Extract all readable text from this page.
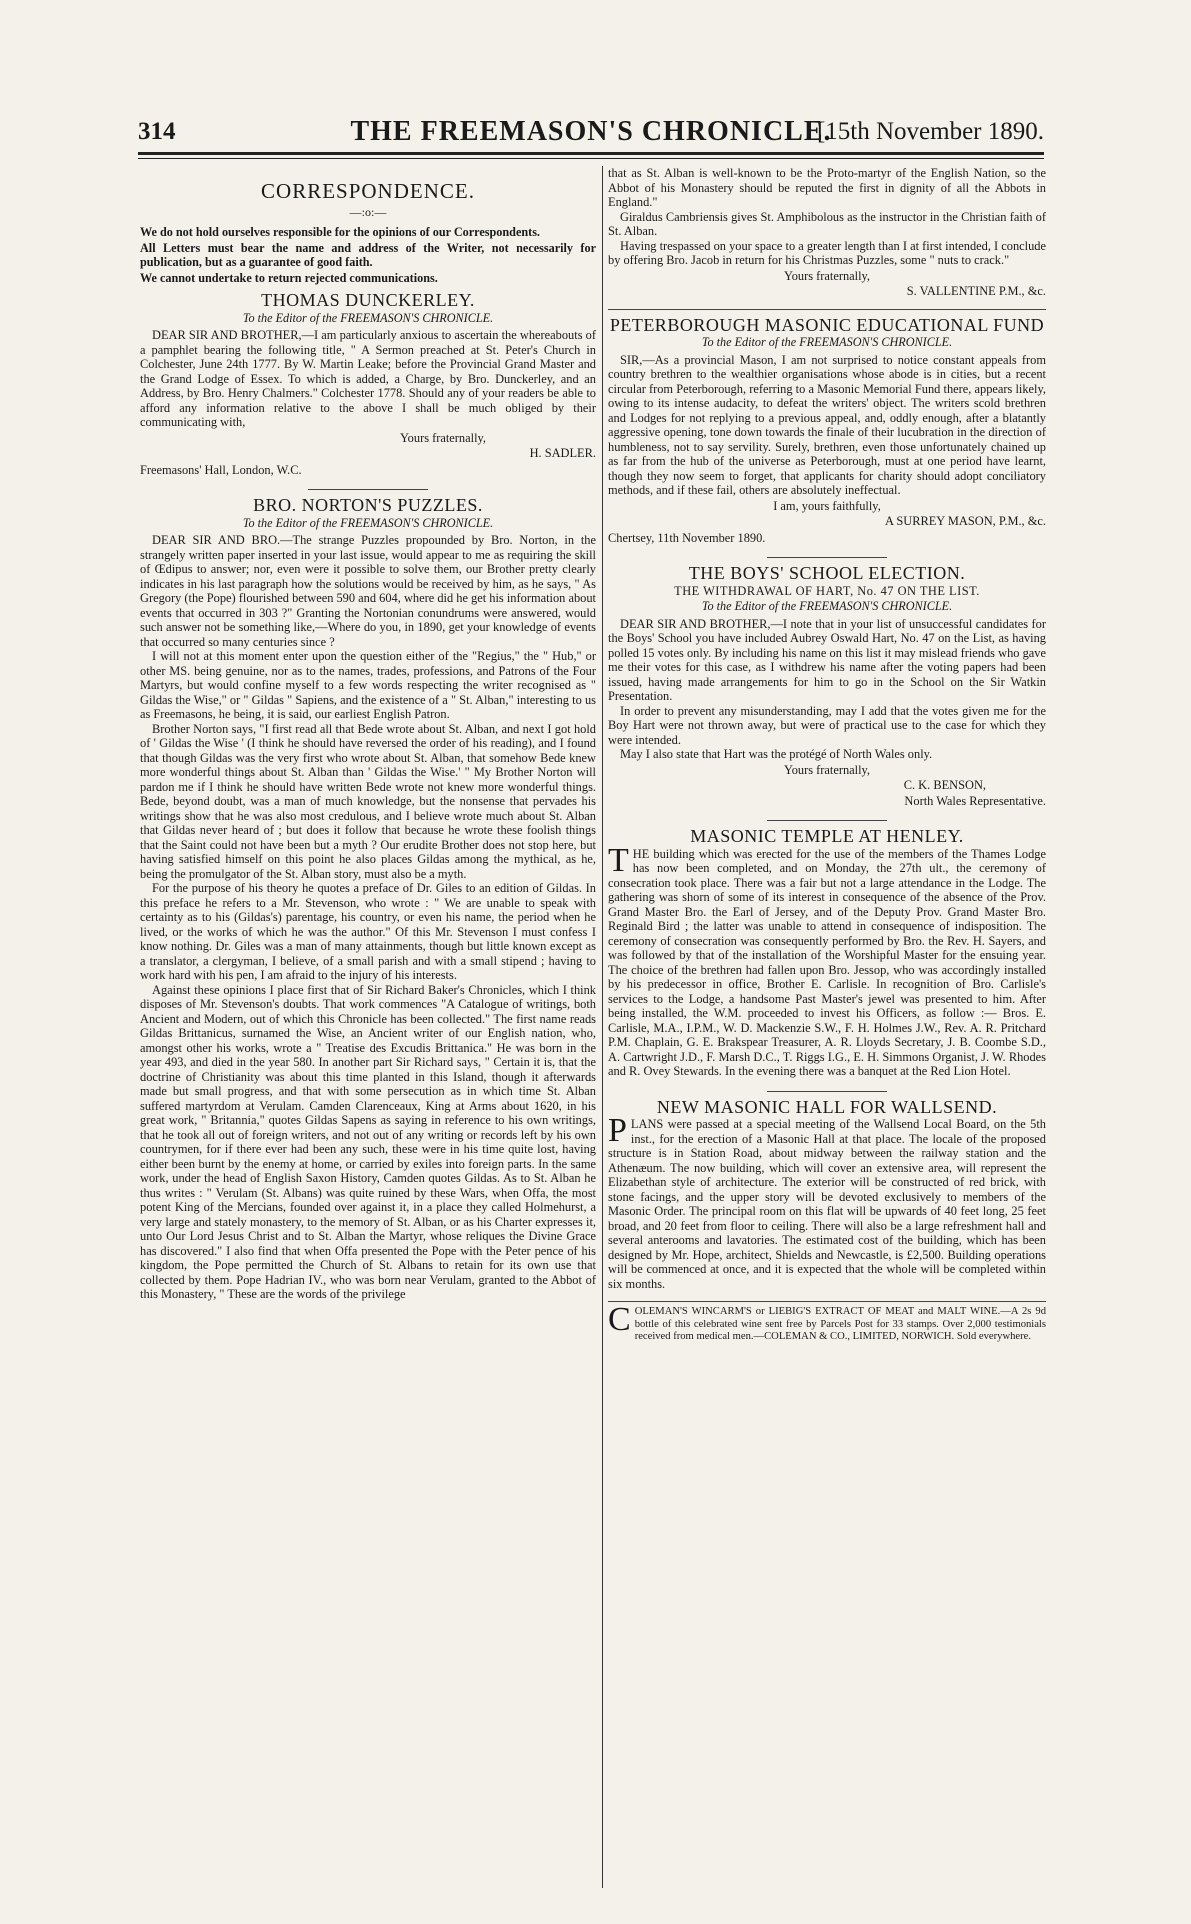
314	THE FREEMASON'S CHRONICLE.
[15th November 1890.
CORRESPONDENCE.
—:o:—
We do not hold ourselves responsible for the opinions of our Correspondents.
All Letters must bear the name and address of the Writer, not necessarily for publication, but as a guarantee of good faith.
We cannot undertake to return rejected communications.
THOMAS DUNCKERLEY.
To the Editor of the FREEMASON'S CHRONICLE.

DEAR SIR AND BROTHER,—I am particularly anxious to ascertain the whereabouts of a pamphlet bearing the following title, " A Sermon preached at St. Peter's Church in Colchester, June 24th 1777. By W. Martin Leake; before the Provincial Grand Master and the Grand Lodge of Essex. To which is added, a Charge, by Bro. Dunckerley, and an Address, by Bro. Henry Chalmers." Colchester 1778. Should any of your readers be able to afford any information relative to the above I shall be much obliged by their communicating with,

Yours fraternally,
H. SADLER.
Freemasons' Hall, London, W.C.
BRO. NORTON'S PUZZLES.
To the Editor of the FREEMASON'S CHRONICLE.

DEAR SIR AND BRO.—The strange Puzzles propounded by Bro. Norton, in the strangely written paper inserted in your last issue, would appear to me as requiring the skill of Œdipus to answer; nor, even were it possible to solve them, our Brother pretty clearly indicates in his last paragraph how the solutions would be received by him, as he says, " As Gregory (the Pope) flourished between 590 and 604, where did he get his information about events that occurred in 303 ?" Granting the Nortonian conundrums were answered, would such answer not be something like,—Where do you, in 1890, get your knowledge of events that occurred so many centuries since ?

I will not at this moment enter upon the question either of the "Regius," the " Hub," or other MS. being genuine, nor as to the names, trades, professions, and Patrons of the Four Martyrs, but would confine myself to a few words respecting the writer recognised as " Gildas the Wise," or " Gildas " Sapiens, and the existence of a " St. Alban," interesting to us as Freemasons, he being, it is said, our earliest English Patron.

Brother Norton says, "I first read all that Bede wrote about St. Alban, and next I got hold of ' Gildas the Wise ' (I think he should have reversed the order of his reading), and I found that though Gildas was the very first who wrote about St. Alban, that somehow Bede knew more wonderful things about St. Alban than ' Gildas the Wise.' " My Brother Norton will pardon me if I think he should have written Bede wrote not knew more wonderful things. Bede, beyond doubt, was a man of much knowledge, but the nonsense that pervades his writings show that he was also most credulous, and I believe wrote much about St. Alban that Gildas never heard of ; but does it follow that because he wrote these foolish things that the Saint could not have been but a myth ? Our erudite Brother does not stop here, but having satisfied himself on this point he also places Gildas among the mythical, as he, being the promulgator of the St. Alban story, must also be a myth.

For the purpose of his theory he quotes a preface of Dr. Giles to an edition of Gildas. In this preface he refers to a Mr. Stevenson, who wrote : " We are unable to speak with certainty as to his (Gildas's) parentage, his country, or even his name, the period when he lived, or the works of which he was the author." Of this Mr. Stevenson I must confess I know nothing. Dr. Giles was a man of many attainments, though but little known except as a translator, a clergyman, I believe, of a small parish and with a small stipend ; having to work hard with his pen, I am afraid to the injury of his interests.

Against these opinions I place first that of Sir Richard Baker's Chronicles, which I think disposes of Mr. Stevenson's doubts. That work commences "A Catalogue of writings, both Ancient and Modern, out of which this Chronicle has been collected." The first name reads Gildas Brittanicus, surnamed the Wise, an Ancient writer of our English nation, who, amongst other his works, wrote a " Treatise des Excudis Brittanica." He was born in the year 493, and died in the year 580. In another part Sir Richard says, " Certain it is, that the doctrine of Christianity was about this time planted in this Island, though it afterwards made but small progress, and that with some persecution as in which time St. Alban suffered martyrdom at Verulam. Camden Clarenceaux, King at Arms about 1620, in his great work, " Britannia," quotes Gildas Sapens as saying in reference to his own writings, that he took all out of foreign writers, and not out of any writing or records left by his own countrymen, for if there ever had been any such, these were in his time quite lost, having either been burnt by the enemy at home, or carried by exiles into foreign parts. In the same work, under the head of English Saxon History, Camden quotes Gildas. As to St. Alban he thus writes : " Verulam (St. Albans) was quite ruined by these Wars, when Offa, the most potent King of the Mercians, founded over against it, in a place they called Holmehurst, a very large and stately monastery, to the memory of St. Alban, or as his Charter expresses it, unto Our Lord Jesus Christ and to St. Alban the Martyr, whose reliques the Divine Grace has discovered." I also find that when Offa presented the Pope with the Peter pence of his kingdom, the Pope permitted the Church of St. Albans to retain for its own use that collected by them. Pope Hadrian IV., who was born near Verulam, granted to the Abbot of this Monastery, " These are the words of the privilege

that as St. Alban is well-known to be the Proto-martyr of the English Nation, so the Abbot of his Monastery should be reputed the first in dignity of all the Abbots in England."

Giraldus Cambriensis gives St. Amphibolous as the instructor in the Christian faith of St. Alban.

Having trespassed on your space to a greater length than I at first intended, I conclude by offering Bro. Jacob in return for his Christmas Puzzles, some " nuts to crack."

Yours fraternally,
S. VALLENTINE P.M., &c.
PETERBOROUGH MASONIC EDUCATIONAL FUND
To the Editor of the FREEMASON'S CHRONICLE.

SIR,—As a provincial Mason, I am not surprised to notice constant appeals from country brethren to the wealthier organisations whose abode is in cities, but a recent circular from Peterborough, referring to a Masonic Memorial Fund there, appears likely, owing to its intense audacity, to defeat the writers' object. The writers scold brethren and Lodges for not replying to a previous appeal, and, oddly enough, after a blatantly aggressive opening, tone down towards the finale of their lucubration in the direction of humbleness, not to say servility. Surely, brethren, even those unfortunately chained up as far from the hub of the universe as Peterborough, must at one period have learnt, though they now seem to forget, that applicants for charity should adopt conciliatory methods, and if these fail, others are absolutely ineffectual.

I am, yours faithfully,
A SURREY MASON, P.M., &c.
Chertsey, 11th November 1890.
THE BOYS' SCHOOL ELECTION.
THE WITHDRAWAL OF HART, No. 47 ON THE LIST.
To the Editor of the FREEMASON'S CHRONICLE.

DEAR SIR AND BROTHER,—I note that in your list of unsuccessful candidates for the Boys' School you have included Aubrey Oswald Hart, No. 47 on the List, as having polled 15 votes only. By including his name on this list it may mislead friends who gave me their votes for this case, as I withdrew his name after the voting papers had been issued, having made arrangements for him to go in the School on the Sir Watkin Presentation.

In order to prevent any misunderstanding, may I add that the votes given me for the Boy Hart were not thrown away, but were of practical use to the case for which they were intended.

May I also state that Hart was the protégé of North Wales only.

Yours fraternally,
C. K. BENSON,
North Wales Representative.
MASONIC TEMPLE AT HENLEY.

THE building which was erected for the use of the members of the Thames Lodge has now been completed, and on Monday, the 27th ult., the ceremony of consecration took place. There was a fair but not a large attendance in the Lodge. The gathering was shorn of some of its interest in consequence of the absence of the Prov. Grand Master Bro. the Earl of Jersey, and of the Deputy Prov. Grand Master Bro. Reginald Bird ; the latter was unable to attend in consequence of indisposition. The ceremony of consecration was consequently performed by Bro. the Rev. H. Sayers, and was followed by that of the installation of the Worshipful Master for the ensuing year. The choice of the brethren had fallen upon Bro. Jessop, who was accordingly installed by his predecessor in office, Brother E. Carlisle. In recognition of Bro. Carlisle's services to the Lodge, a handsome Past Master's jewel was presented to him. After being installed, the W.M. proceeded to invest his Officers, as follow :— Bros. E. Carlisle, M.A., I.P.M., W. D. Mackenzie S.W., F. H. Holmes J.W., Rev. A. R. Pritchard P.M. Chaplain, G. E. Brakspear Treasurer, A. R. Lloyds Secretary, J. B. Coombe S.D., A. Cartwright J.D., F. Marsh D.C., T. Riggs I.G., E. H. Simmons Organist, J. W. Rhodes and R. Ovey Stewards. In the evening there was a banquet at the Red Lion Hotel.

NEW MASONIC HALL FOR WALLSEND.

PLANS were passed at a special meeting of the Wallsend Local Board, on the 5th inst., for the erection of a Masonic Hall at that place. The locale of the proposed structure is in Station Road, about midway between the railway station and the Athenæum. The now building, which will cover an extensive area, will represent the Elizabethan style of architecture. The exterior will be constructed of red brick, with stone facings, and the upper story will be devoted exclusively to members of the Masonic Order. The principal room on this flat will be upwards of 40 feet long, 25 feet broad, and 20 feet from floor to ceiling. There will also be a large refreshment hall and several anterooms and lavatories. The estimated cost of the building, which has been designed by Mr. Hope, architect, Shields and Newcastle, is £2,500. Building operations will be commenced at once, and it is expected that the whole will be completed within six months.

COLEMAN'S WINCARM'S or LIEBIG'S EXTRACT OF MEAT and MALT WINE.—A 2s 9d bottle of this celebrated wine sent free by Parcels Post for 33 stamps. Over 2,000 testimonials received from medical men.—COLEMAN & CO., LIMITED, NORWICH. Sold everywhere.
